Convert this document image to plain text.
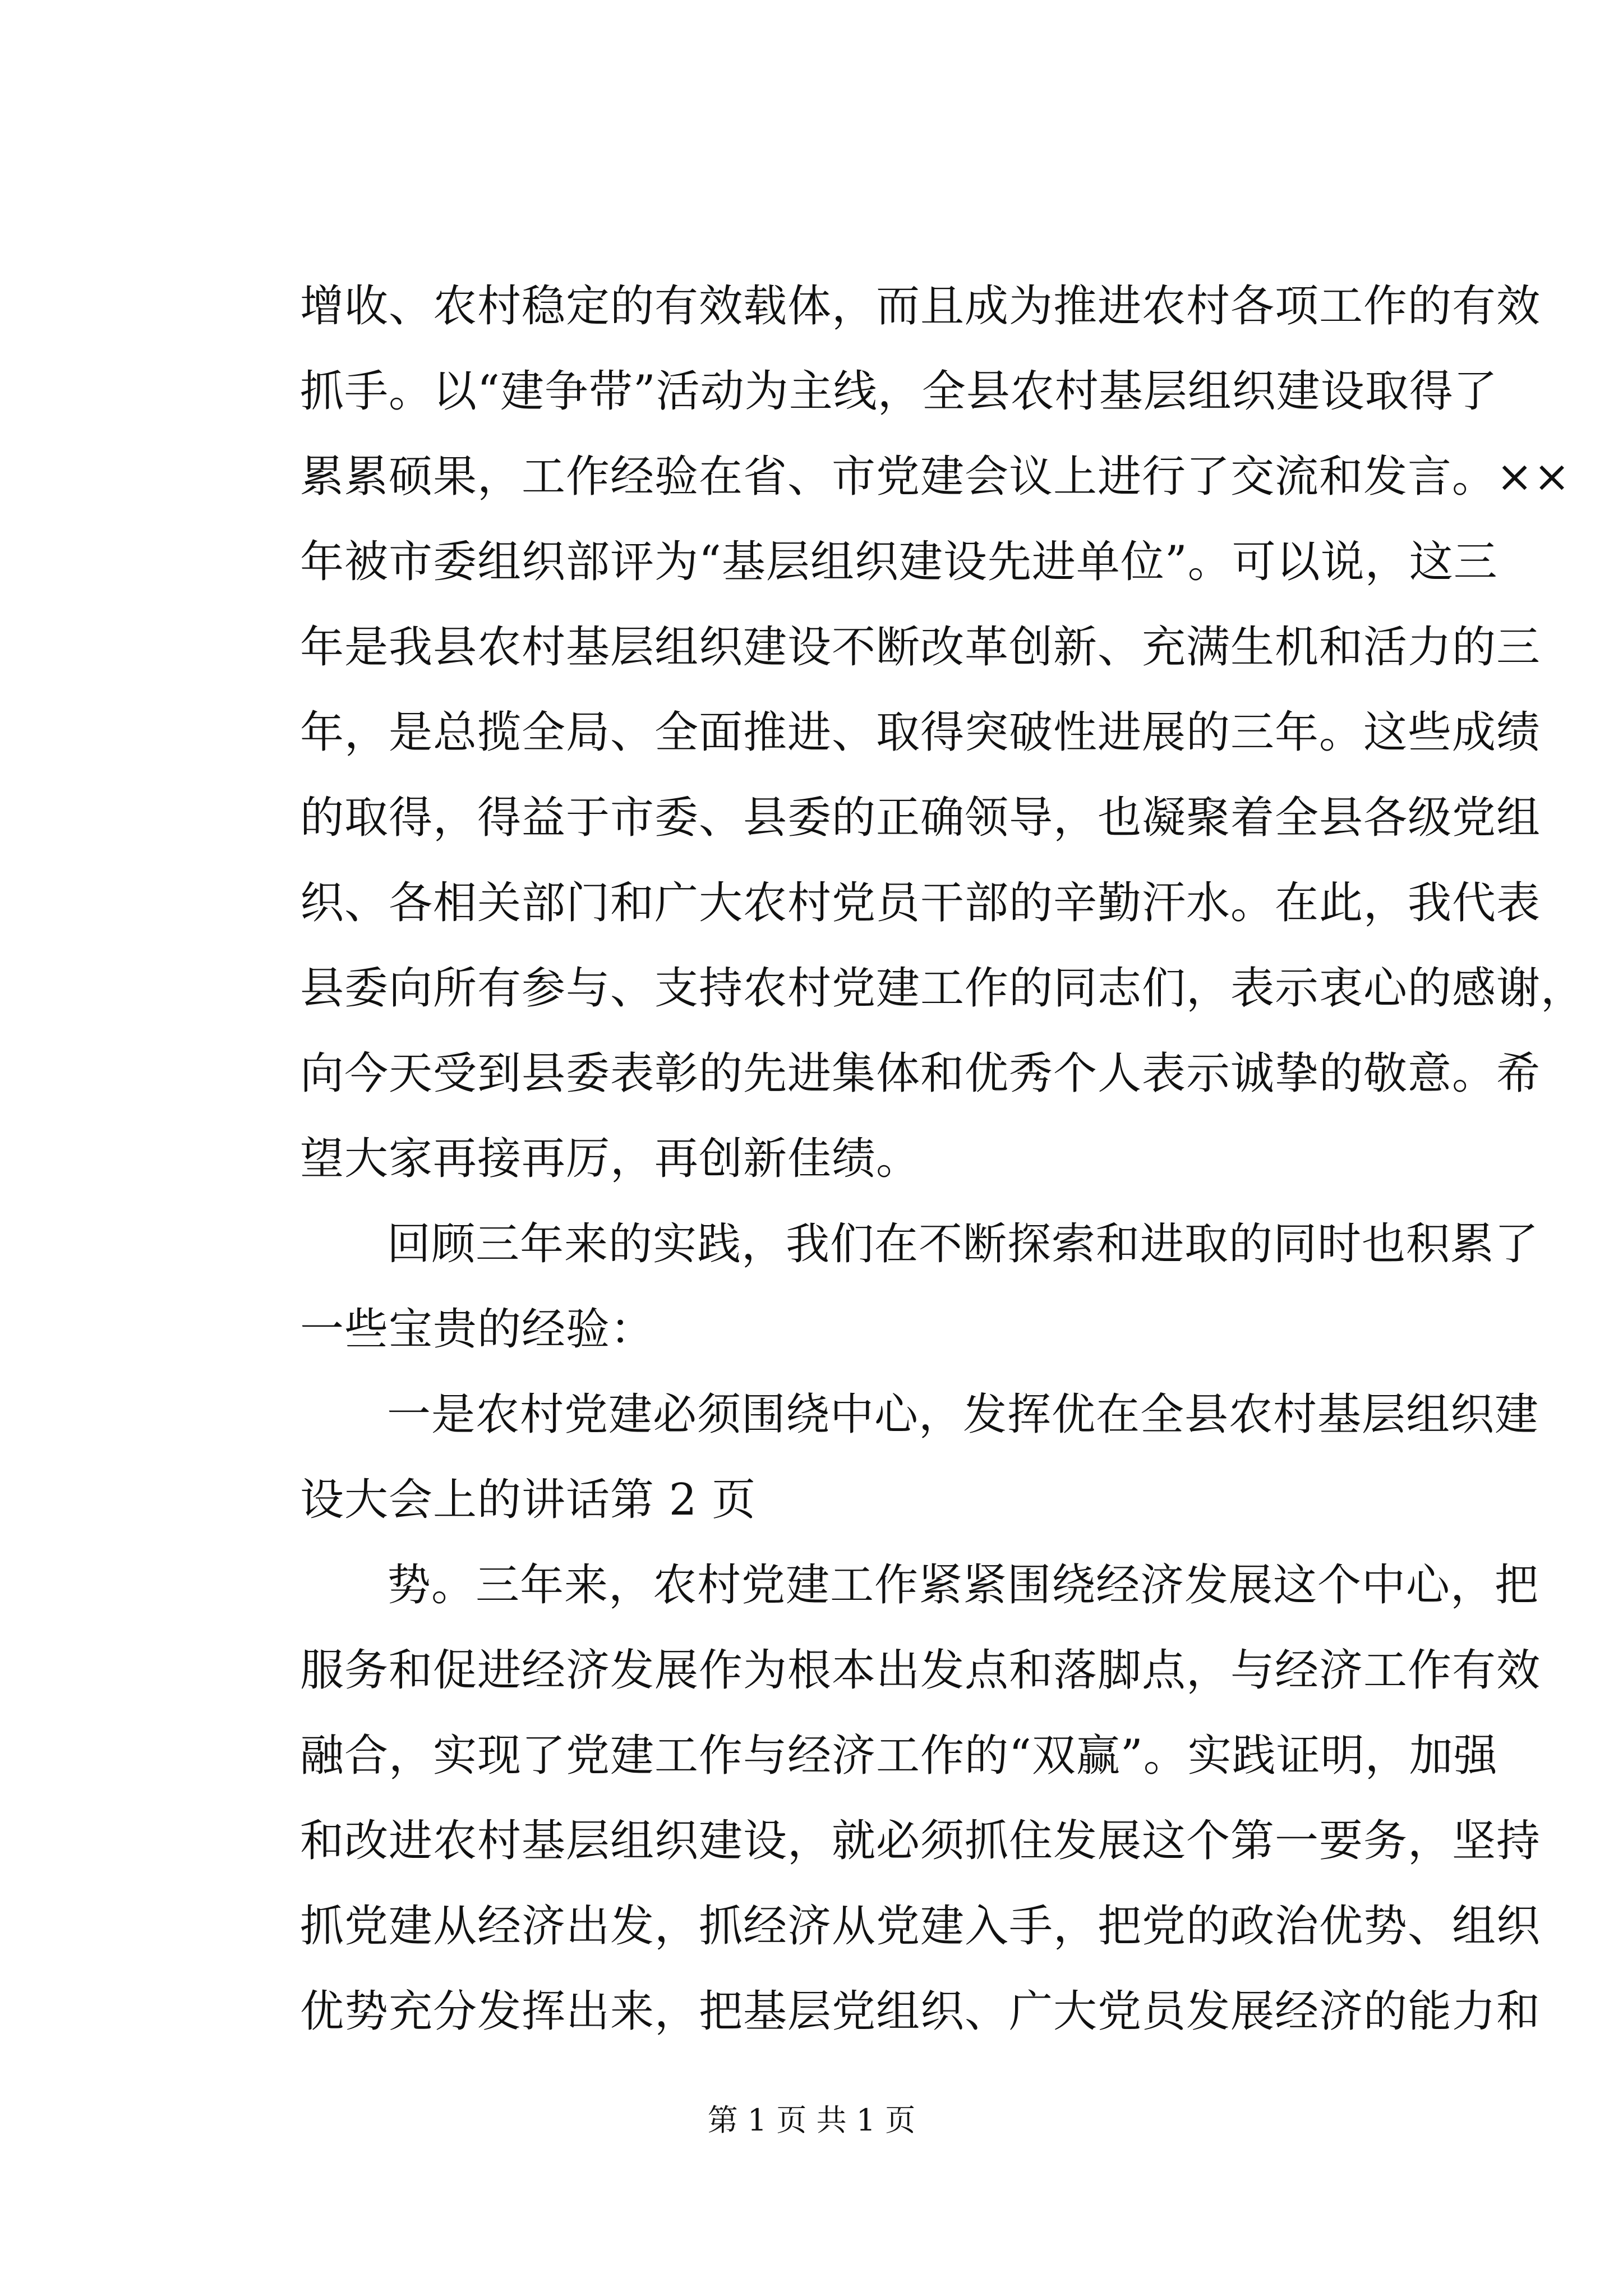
增收、农村稳定的有效载体，而且成为推进农村各项工作的有效
抓手。以“建争带”活动为主线，全县农村基层组织建设取得了
累累硕果，工作经验在省、市党建会议上进行了交流和发言。××
年被市委组织部评为“基层组织建设先进单位”。可以说，这三
年是我县农村基层组织建设不断改革创新、充满生机和活力的三
年，是总揽全局、全面推进、取得突破性进展的三年。这些成绩
的取得，得益于市委、县委的正确领导，也凝聚着全县各级党组
织、各相关部门和广大农村党员干部的辛勤汗水。在此，我代表
县委向所有参与、支持农村党建工作的同志们，表示衷心的感谢，
向今天受到县委表彰的先进集体和优秀个人表示诚挚的敬意。希
望大家再接再厉，再创新佳绩。
回顾三年来的实践，我们在不断探索和进取的同时也积累了
一些宝贵的经验：
一是农村党建必须围绕中心，发挥优在全县农村基层组织建
设大会上的讲话第 2 页
势。三年来，农村党建工作紧紧围绕经济发展这个中心，把
服务和促进经济发展作为根本出发点和落脚点，与经济工作有效
融合，实现了党建工作与经济工作的“双赢”。实践证明，加强
和改进农村基层组织建设，就必须抓住发展这个第一要务，坚持
抓党建从经济出发，抓经济从党建入手，把党的政治优势、组织
优势充分发挥出来，把基层党组织、广大党员发展经济的能力和
第 1 页 共 1 页
